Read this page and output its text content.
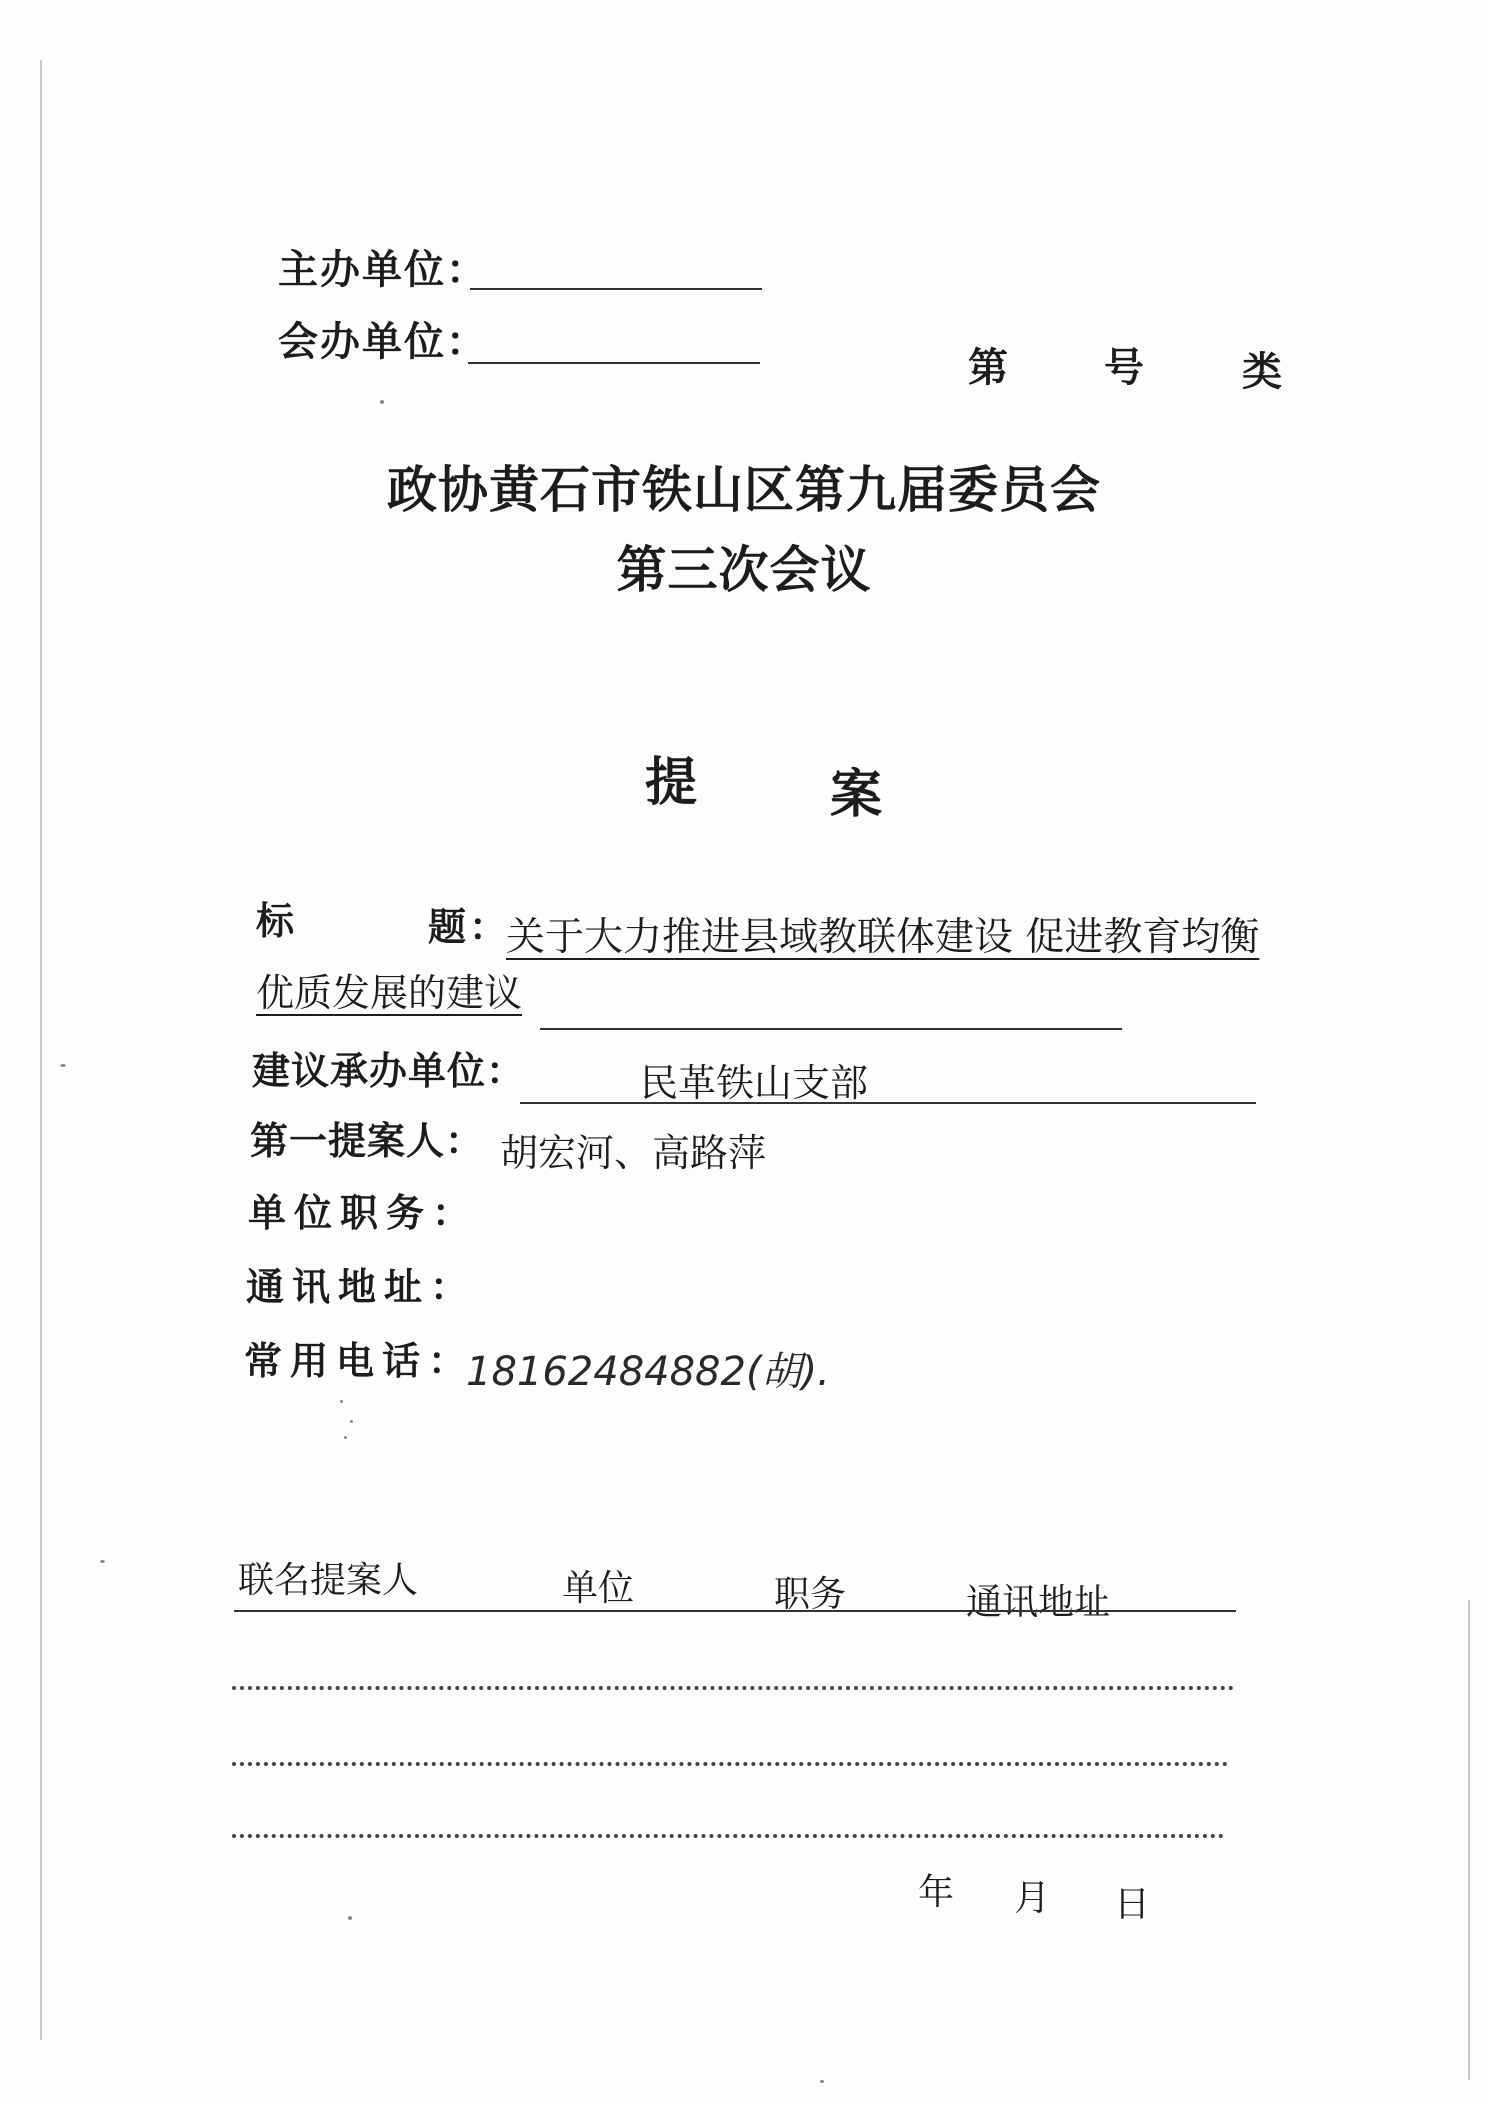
主办单位：
会办单位：
第 号 类
政协黄石市铁山区第九届委员会
第三次会议
提	案
标	题：
关于大力推进县域教联体建设 促进教育均衡
优质发展的建议
建议承办单位：	民革铁山支部
第一提案人： 胡宏河、高路萍
单位职务：
通讯地址：
常用电话：
18162484882(胡).
联名提案人	单位	职务	通讯地址
年 月 日
